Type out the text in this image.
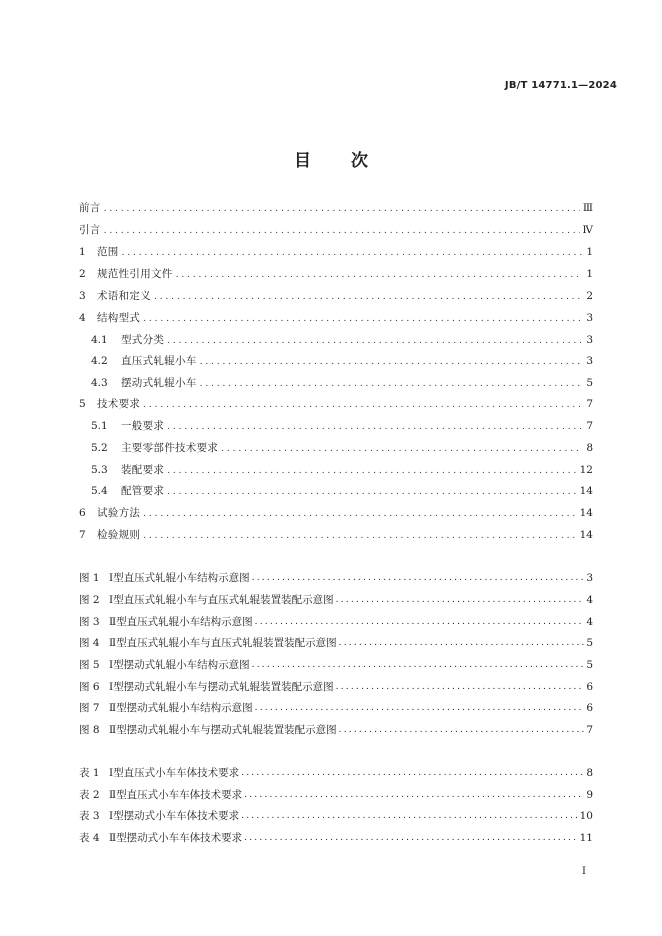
JB/T 14771.1—2024
目 次
前言 . . .	Ⅲ
引言 . . .	Ⅳ
1	范围 . . .	1
2	规范性引用文件 . . .	1
3	术语和定义 . . .	2
4	结构型式 . . .	3
4.1	型式分类 . . .	3
4.2	直压式轧辊小车 . . .	3
4.3	摆动式轧辊小车 . . .	5
5	技术要求 . . .	7
5.1	一般要求 . . .	7
5.2	主要零部件技术要求 . . .	8
5.3	装配要求 . . .	12
5.4	配管要求 . . .	14
6	试验方法 . . .	14
7	检验规则 . . .	14
图 1 Ⅰ型直压式轧辊小车结构示意图 .....	3
图 2 Ⅰ型直压式轧辊小车与直压式轧辊装置装配示意图 .....	4
图 3 Ⅱ型直压式轧辊小车结构示意图 .....	4
图 4 Ⅱ型直压式轧辊小车与直压式轧辊装置装配示意图 .....	5
图 5 Ⅰ型摆动式轧辊小车结构示意图 .....	5
图 6 Ⅰ型摆动式轧辊小车与摆动式轧辊装置装配示意图 .....	6
图 7 Ⅱ型摆动式轧辊小车结构示意图 .....	6
图 8 Ⅱ型摆动式轧辊小车与摆动式轧辊装置装配示意图 .....	7
表 1 Ⅰ型直压式小车车体技术要求 .....	8
表 2 Ⅱ型直压式小车车体技术要求 .....	9
表 3 Ⅰ型摆动式小车车体技术要求 .....	10
表 4 Ⅱ型摆动式小车车体技术要求 .....	11
Ⅰ
